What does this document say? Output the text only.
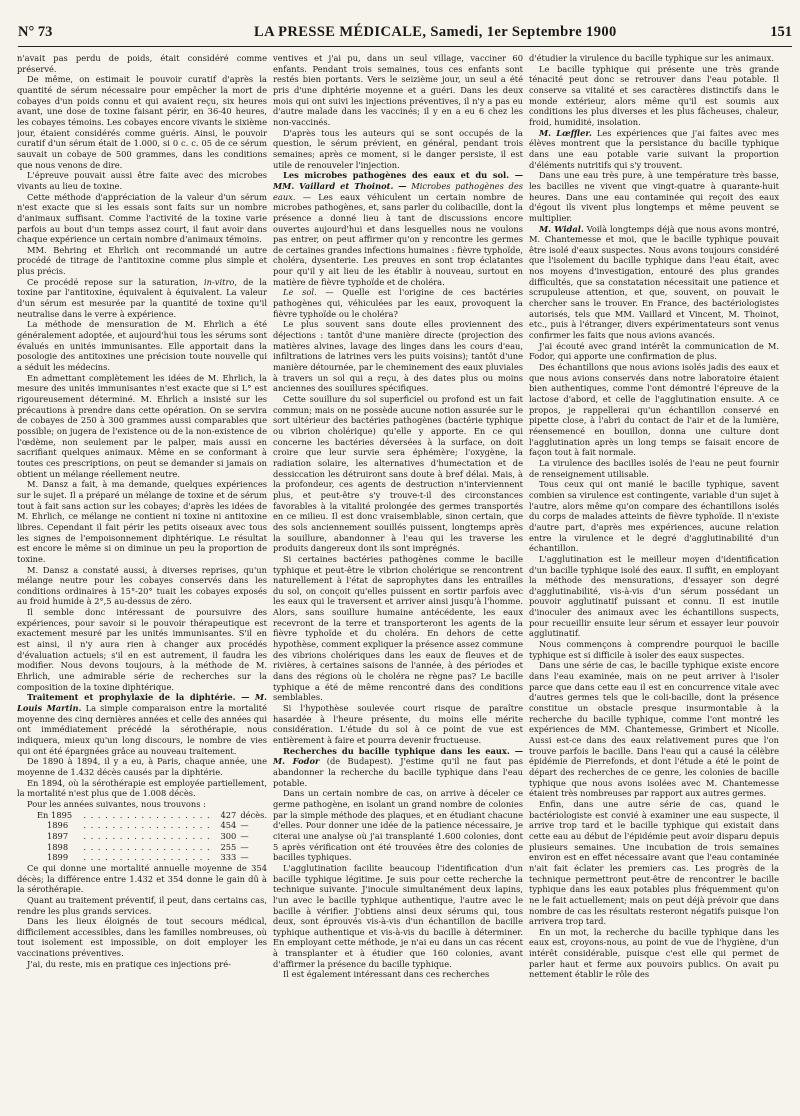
N° 73	LA PRESSE MÉDICALE, Samedi, 1er Septembre 1900	151

n'avait pas perdu de poids, était considéré comme préservé.

De même, on estimait le pouvoir curatif d'après la quantité de sérum nécessaire pour empêcher la mort de cobayes d'un poids connu et qui avaient reçu, six heures avant, une dose de toxine faisant périr, en 36-40 heures, les cobayes témoins. Les cobayes encore vivants le sixième jour, étaient considérés comme guéris. Ainsi, le pouvoir curatif d'un sérum était de 1.000, si 0 c. c. 05 de ce sérum sauvait un cobaye de 500 grammes, dans les conditions que nous venons de dire.

L'épreuve pouvait aussi être faite avec des microbes vivants au lieu de toxine.

Cette méthode d'appréciation de la valeur d'un sérum n'est exacte que si les essais sont faits sur un nombre d'animaux suffisant. Comme l'activité de la toxine varie parfois au bout d'un temps assez court, il faut avoir dans chaque expérience un certain nombre d'animaux témoins.

MM. Behring et Ehrlich ont recommandé un autre procédé de titrage de l'antitoxine comme plus simple et plus précis.

Ce procédé repose sur la saturation, in-vitro, de la toxine par l'antitoxine, équivalent à équivalent. La valeur d'un sérum est mesurée par la quantité de toxine qu'il neutralise dans le verre à expérience.

La méthode de mensuration de M. Ehrlich a été généralement adoptée, et aujourd'hui tous les sérums sont évalués en unités immunisantes. Elle apportait dans la posologie des antitoxines une précision toute nouvelle qui a séduit les médecins.

En admettant complètement les idées de M. Ehrlich, la mesure des unités immunisantes n'est exacte que si L° est rigoureusement déterminé. M. Ehrlich a insisté sur les précautions à prendre dans cette opération. On se servira de cobayes de 250 à 300 grammes aussi comparables que possible; on jugera de l'existence ou de la non-existence de l'œdème, non seulement par le palper, mais aussi en sacrifiant quelques animaux. Même en se conformant à toutes ces prescriptions, on peut se demander si jamais on obtient un mélange réellement neutre.

M. Dansz a fait, à ma demande, quelques expériences sur le sujet. Il a préparé un mélange de toxine et de sérum tout à fait sans action sur les cobayes; d'après les idées de M. Ehrlich, ce mélange ne contient ni toxine ni antitoxine libres. Cependant il fait périr les petits oiseaux avec tous les signes de l'empoisonnement diphtérique. Le résultat est encore le même si on diminue un peu la proportion de toxine.

M. Dansz a constaté aussi, à diverses reprises, qu'un mélange neutre pour les cobayes conservés dans les conditions ordinaires à 15°-20° tuait les cobayes exposés au froid humide à 2°,5 au-dessus de zéro.

Il semble donc intéressant de poursuivre des expériences, pour savoir si le pouvoir thérapeutique est exactement mesuré par les unités immunisantes. S'il en est ainsi, il n'y aura rien à changer aux procédés d'évaluation actuels; s'il en est autrement, il faudra les modifier. Nous devons toujours, à la méthode de M. Ehrlich, une admirable série de recherches sur la composition de la toxine diphtérique.

Traitement et prophylaxie de la diphtérie. — M. Louis Martin. La simple comparaison entre la mortalité moyenne des cinq dernières années et celle des années qui ont immédiatement précédé la sérothérapie, nous indiquera, mieux qu'un long discours, le nombre de vies qui ont été épargnées grâce au nouveau traitement.

De 1890 à 1894, il y a eu, à Paris, chaque année, une moyenne de 1.432 décès causés par la diphtérie.

En 1894, où la sérothérapie est employée partiellement, la mortalité n'est plus que de 1.008 décès.

Pour les années suivantes, nous trouvons :

En 1895	. . . . . . . . . . . . . . . . . .	427	décès.
1896	. . . . . . . . . . . . . . . . . .	454	—
1897	. . . . . . . . . . . . . . . . . .	300	—
1898	. . . . . . . . . . . . . . . . . .	255	—
1899	. . . . . . . . . . . . . . . . . .	333	—

Ce qui donne une mortalité annuelle moyenne de 354 décès; la différence entre 1.432 et 354 donne le gain dû à la sérothérapie.

Quant au traitement préventif, il peut, dans certains cas, rendre les plus grands services.

Dans les lieux éloignés de tout secours médical, difficilement accessibles, dans les familles nombreuses, où tout isolement est impossible, on doit employer les vaccinations préventives.

J'ai, du reste, mis en pratique ces injections pré-

ventives et j'ai pu, dans un seul village, vacciner 60 enfants. Pendant trois semaines, tous ces enfants sont restés bien portants. Vers le seizième jour, un seul a été pris d'une diphtérie moyenne et a guéri. Dans les deux mois qui ont suivi les injections préventives, il n'y a pas eu d'autre malade dans les vaccinés; il y en a eu 6 chez les non-vaccinés.

D'après tous les auteurs qui se sont occupés de la question, le sérum prévient, en général, pendant trois semaines; après ce moment, si le danger persiste, il est utile de renouveler l'injection.

Les microbes pathogènes des eaux et du sol. — MM. Vaillard et Thoinot. — Microbes pathogènes des eaux. — Les eaux véhiculent un certain nombre de microbes pathogènes, et, sans parler du colibacille, dont la présence a donné lieu à tant de discussions encore ouvertes aujourd'hui et dans lesquelles nous ne voulons pas entrer, on peut affirmer qu'on y rencontre les germes de certaines grandes infections humaines : fièvre typhoïde, choléra, dysenterie. Les preuves en sont trop éclatantes pour qu'il y ait lieu de les établir à nouveau, surtout en matière de fièvre typhoïde et de choléra.

Le sol. — Quelle est l'origine de ces bactéries pathogènes qui, véhiculées par les eaux, provoquent la fièvre typhoïde ou le choléra?

Le plus souvent sans doute elles proviennent des déjections : tantôt d'une manière directe (projection des matières alvines, lavage des linges dans les cours d'eau, infiltrations de latrines vers les puits voisins); tantôt d'une manière détournée, par le cheminement des eaux pluviales à travers un sol qui a reçu, à des dates plus ou moins anciennes des souillures spécifiques.

Cette souillure du sol superficiel ou profond est un fait commun; mais on ne possède aucune notion assurée sur le sort ultérieur des bactéries pathogènes (bactérie typhique ou vibrion cholérique) qu'elle y apporte. En ce qui concerne les bactéries déversées à la surface, on doit croire que leur survie sera éphémère; l'oxygène, la radiation solaire, les alternatives d'humectation et de dessiccation les détruiront sans doute à bref délai. Mais, à la profondeur, ces agents de destruction n'interviennent plus, et peut-être s'y trouve-t-il des circonstances favorables à la vitalité prolongée des germes transportés en ce milieu. Il est donc vraisemblable, sinon certain, que des sols anciennement souillés puissent, longtemps après la souillure, abandonner à l'eau qui les traverse les produits dangereux dont ils sont imprégnés.

Si certaines bactéries pathogènes comme le bacille typhique et peut-être le vibrion cholérique se rencontrent naturellement à l'état de saprophytes dans les entrailles du sol, on conçoit qu'elles puissent en sortir parfois avec les eaux qui le traversent et arriver ainsi jusqu'à l'homme. Alors, sans souillure humaine antécédente, les eaux recevront de la terre et transporteront les agents de la fièvre typhoïde et du choléra. En dehors de cette hypothèse, comment expliquer la présence assez commune des vibrions cholériques dans les eaux de fleuves et de rivières, à certaines saisons de l'année, à des périodes et dans des régions où le choléra ne règne pas? Le bacille typhique a été de même rencontré dans des conditions semblables.

Si l'hypothèse soulevée court risque de paraître hasardée à l'heure présente, du moins elle mérite considération. L'étude du sol à ce point de vue est entièrement à faire et pourra devenir fructueuse.

Recherches du bacille typhique dans les eaux. — M. Fodor (de Budapest). J'estime qu'il ne faut pas abandonner la recherche du bacille typhique dans l'eau potable.

Dans un certain nombre de cas, on arrive à déceler ce germe pathogène, en isolant un grand nombre de colonies par la simple méthode des plaques, et en étudiant chacune d'elles. Pour donner une idée de la patience nécessaire, je citerai une analyse où j'ai transplanté 1.600 colonies, dont 5 après vérification ont été trouvées être des colonies de bacilles typhiques.

L'agglutination facilite beaucoup l'identification d'un bacille typhique légitime. Je suis pour cette recherche la technique suivante. J'inocule simultanément deux lapins, l'un avec le bacille typhique authentique, l'autre avec le bacille à vérifier. J'obtiens ainsi deux sérums qui, tous deux, sont éprouvés vis-à-vis d'un échantillon de bacille typhique authentique et vis-à-vis du bacille à déterminer. En employant cette méthode, je n'ai eu dans un cas récent à transplanter et à étudier que 160 colonies, avant d'affirmer la présence du bacille typhique.

Il est également intéressant dans ces recherches

d'étudier la virulence du bacille typhique sur les animaux.

Le bacille typhique qui présente une très grande ténacité peut donc se retrouver dans l'eau potable. Il conserve sa vitalité et ses caractères distinctifs dans le monde extérieur, alors même qu'il est soumis aux conditions les plus diverses et les plus fâcheuses, chaleur, froid, humidité, insolation.

M. Lœffler. Les expériences que j'ai faites avec mes élèves montrent que la persistance du bacille typhique dans une eau potable varie suivant la proportion d'éléments nutritifs qui s'y trouvent.

Dans une eau très pure, à une température très basse, les bacilles ne vivent que vingt-quatre à quarante-huit heures. Dans une eau contaminée qui reçoit des eaux d'égout ils vivent plus longtemps et même peuvent se multiplier.

M. Widal. Voilà longtemps déjà que nous avons montré, M. Chantemesse et moi, que le bacille typhique pouvait être isolé d'eaux suspectes. Nous avons toujours considéré que l'isolement du bacille typhique dans l'eau était, avec nos moyens d'investigation, entouré des plus grandes difficultés, que sa constatation nécessitait une patience et scrupuleuse attention, et que, souvent, on pouvait le chercher sans le trouver. En France, des bactériologistes autorisés, tels que MM. Vaillard et Vincent, M. Thoinot, etc., puis à l'étranger, divers expérimentateurs sont venus confirmer les faits que nous avions avancés.

J'ai écouté avec grand intérêt la communication de M. Fodor, qui apporte une confirmation de plus.

Des échantillons que nous avions isolés jadis des eaux et que nous avions conservés dans notre laboratoire étaient bien authentiques, comme l'ont démontré l'épreuve de la lactose d'abord, et celle de l'agglutination ensuite. A ce propos, je rappellerai qu'un échantillon conservé en pipette close, à l'abri du contact de l'air et de la lumière, réensemencé en bouillon, donna une culture dont l'agglutination après un long temps se faisait encore de façon tout à fait normale.

La virulence des bacilles isolés de l'eau ne peut fournir de renseignement utilisable.

Tous ceux qui ont manié le bacille typhique, savent combien sa virulence est contingente, variable d'un sujet à l'autre, alors même qu'on compare des échantillons isolés du corps de malades atteints de fièvre typhoïde. Il n'existe d'autre part, d'après mes expériences, aucune relation entre la virulence et le degré d'agglutinabilité d'un échantillon.

L'agglutination est le meilleur moyen d'identification d'un bacille typhique isolé des eaux. Il suffit, en employant la méthode des mensurations, d'essayer son degré d'agglutinabilité, vis-à-vis d'un sérum possédant un pouvoir agglutinatif puissant et connu. Il est inutile d'inoculer des animaux avec les échantillons suspects, pour recueillir ensuite leur sérum et essayer leur pouvoir agglutinatif.

Nous commençons à comprendre pourquoi le bacille typhique est si difficile à isoler des eaux suspectes.

Dans une série de cas, le bacille typhique existe encore dans l'eau examinée, mais on ne peut arriver à l'isoler parce que dans cette eau il est en concurrence vitale avec d'autres germes tels que le coli-bacille, dont la présence constitue un obstacle presque insurmontable à la recherche du bacille typhique, comme l'ont montré les expériences de MM. Chantemesse, Grimbert et Nicolle. Aussi est-ce dans des eaux relativement pures que l'on trouve parfois le bacille. Dans l'eau qui a causé la célèbre épidémie de Pierrefonds, et dont l'étude a été le point de départ des recherches de ce genre, les colonies de bacille typhique que nous avons isolées avec M. Chantemesse étaient très nombreuses par rapport aux autres germes.

Enfin, dans une autre série de cas, quand le bactériologiste est convié à examiner une eau suspecte, il arrive trop tard et le bacille typhique qui existait dans cette eau au début de l'épidémie peut avoir disparu depuis plusieurs semaines. Une incubation de trois semaines environ est en effet nécessaire avant que l'eau contaminée n'ait fait éclater les premiers cas. Les progrès de la technique permettront peut-être de rencontrer le bacille typhique dans les eaux potables plus fréquemment qu'on ne le fait actuellement; mais on peut déjà prévoir que dans nombre de cas les résultats resteront négatifs puisque l'on arrivera trop tard.

En un mot, la recherche du bacille typhique dans les eaux est, croyons-nous, au point de vue de l'hygiène, d'un intérêt considérable, puisque c'est elle qui permet de parler haut et ferme aux pouvoirs publics. On avait pu nettement établir le rôle des
